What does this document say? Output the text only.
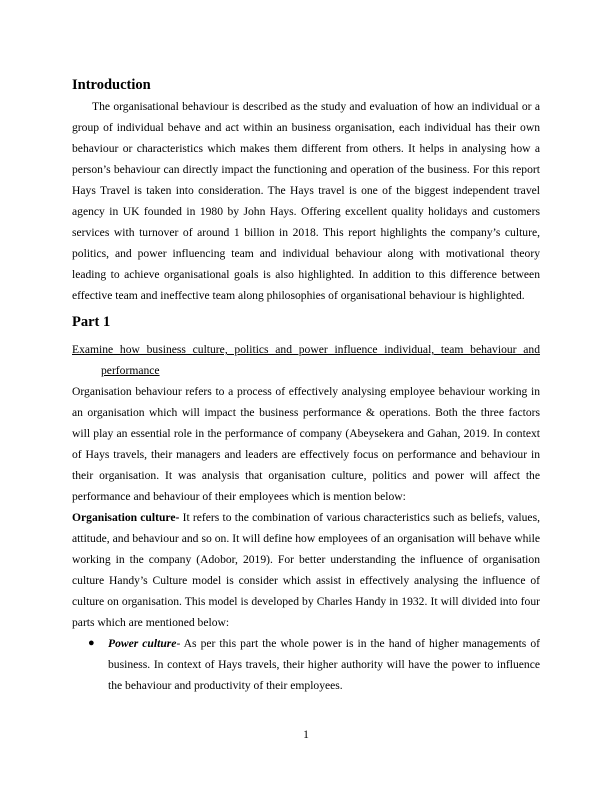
Introduction

The organisational behaviour is described as the study and evaluation of how an individual or a group of individual behave and act within an business organisation, each individual has their own behaviour or characteristics which makes them different from others. It helps in analysing how a person’s behaviour can directly impact the functioning and operation of the business. For this report Hays Travel is taken into consideration. The Hays travel is one of the biggest independent travel agency in UK founded in 1980 by John Hays. Offering excellent quality holidays and customers services with turnover of around 1 billion in 2018. This report highlights the company’s culture, politics, and power influencing team and individual behaviour along with motivational theory leading to achieve organisational goals is also highlighted. In addition to this difference between effective team and ineffective team along philosophies of organisational behaviour is highlighted.

Part 1

Examine how business culture, politics and power influence individual, team behaviour and performance

Organisation behaviour refers to a process of effectively analysing employee behaviour working in an organisation which will impact the business performance & operations. Both the three factors will play an essential role in the performance of company (Abeysekera and Gahan, 2019. In context of Hays travels, their managers and leaders are effectively focus on performance and behaviour in their organisation. It was analysis that organisation culture, politics and power will affect the performance and behaviour of their employees which is mention below:

Organisation culture- It refers to the combination of various characteristics such as beliefs, values, attitude, and behaviour and so on. It will define how employees of an organisation will behave while working in the company (Adobor, 2019). For better understanding the influence of organisation culture Handy’s Culture model is consider which assist in effectively analysing the influence of culture on organisation. This model is developed by Charles Handy in 1932. It will divided into four parts which are mentioned below:

● Power culture- As per this part the whole power is in the hand of higher managements of business. In context of Hays travels, their higher authority will have the power to influence the behaviour and productivity of their employees.
1
